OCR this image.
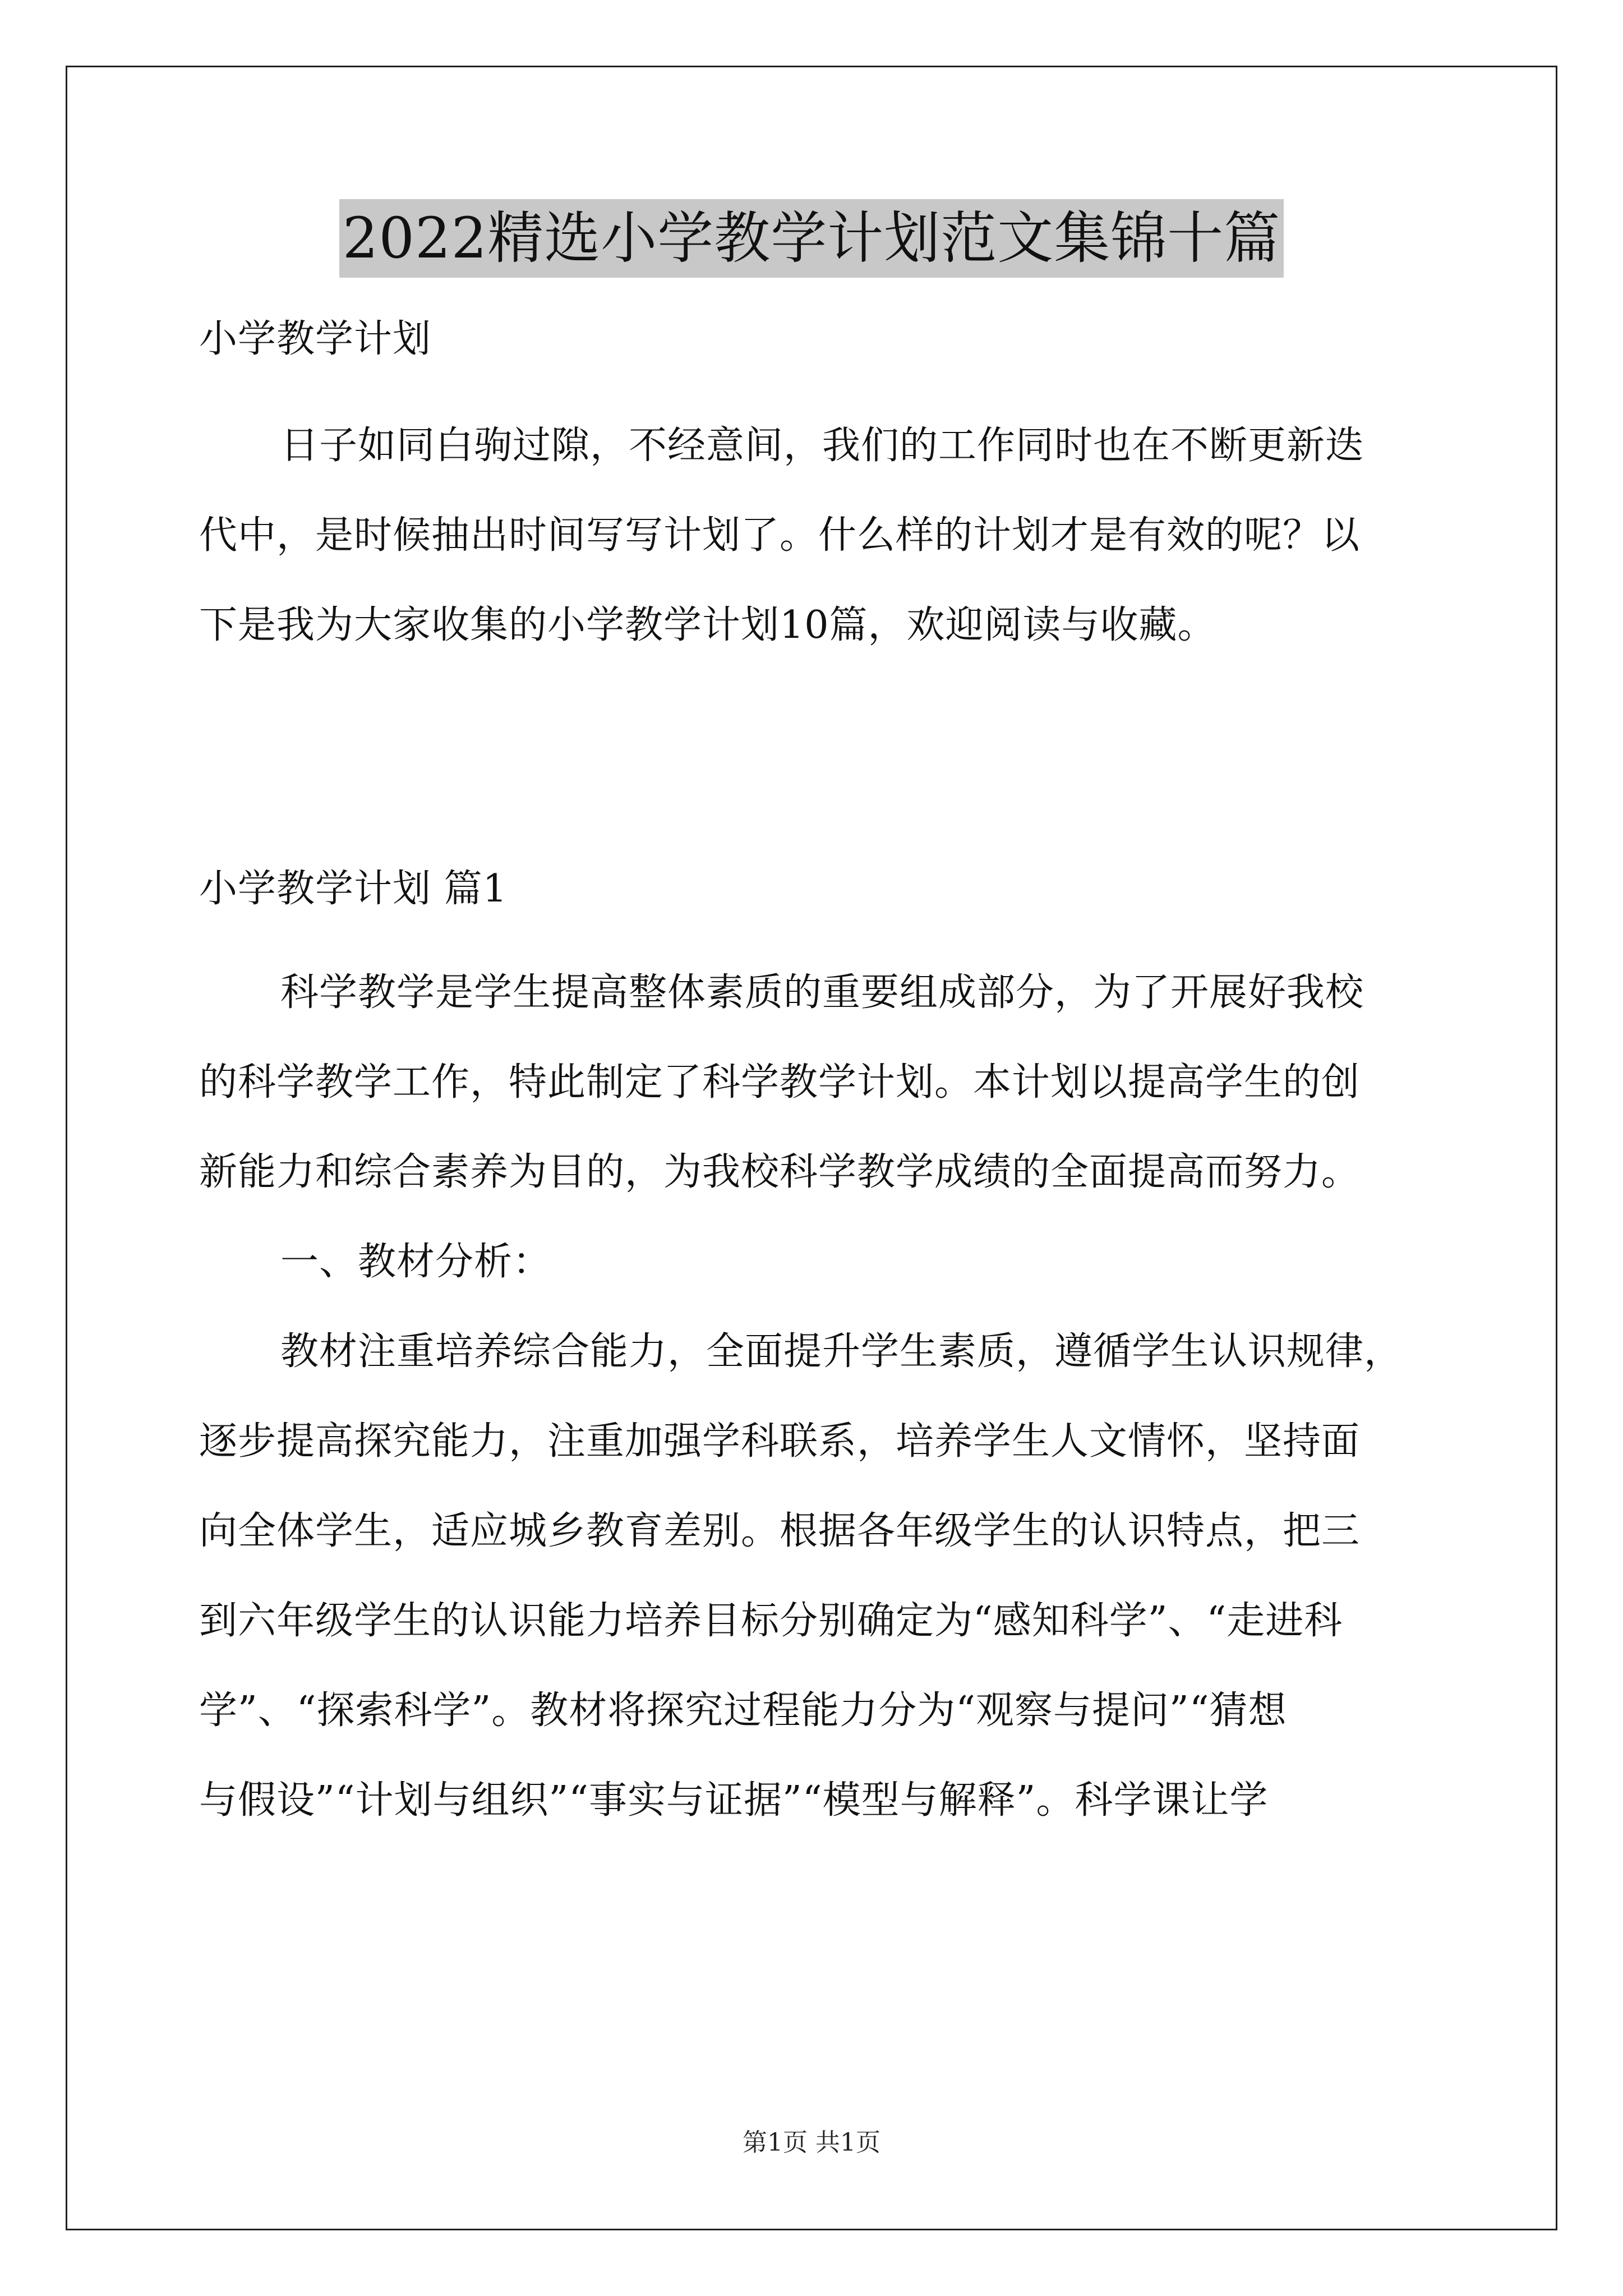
2022精选小学教学计划范文集锦十篇
小学教学计划
日子如同白驹过隙，不经意间，我们的工作同时也在不断更新迭
代中，是时候抽出时间写写计划了。什么样的计划才是有效的呢？以
下是我为大家收集的小学教学计划10篇，欢迎阅读与收藏。
小学教学计划 篇1
科学教学是学生提高整体素质的重要组成部分，为了开展好我校
的科学教学工作，特此制定了科学教学计划。本计划以提高学生的创
新能力和综合素养为目的，为我校科学教学成绩的全面提高而努力。
一、教材分析：
教材注重培养综合能力，全面提升学生素质，遵循学生认识规律，
逐步提高探究能力，注重加强学科联系，培养学生人文情怀，坚持面
向全体学生，适应城乡教育差别。根据各年级学生的认识特点，把三
到六年级学生的认识能力培养目标分别确定为“感知科学”、“走进科
学”、“探索科学”。教材将探究过程能力分为“观察与提问”“猜想
与假设”“计划与组织”“事实与证据”“模型与解释”。科学课让学
第1页 共1页
